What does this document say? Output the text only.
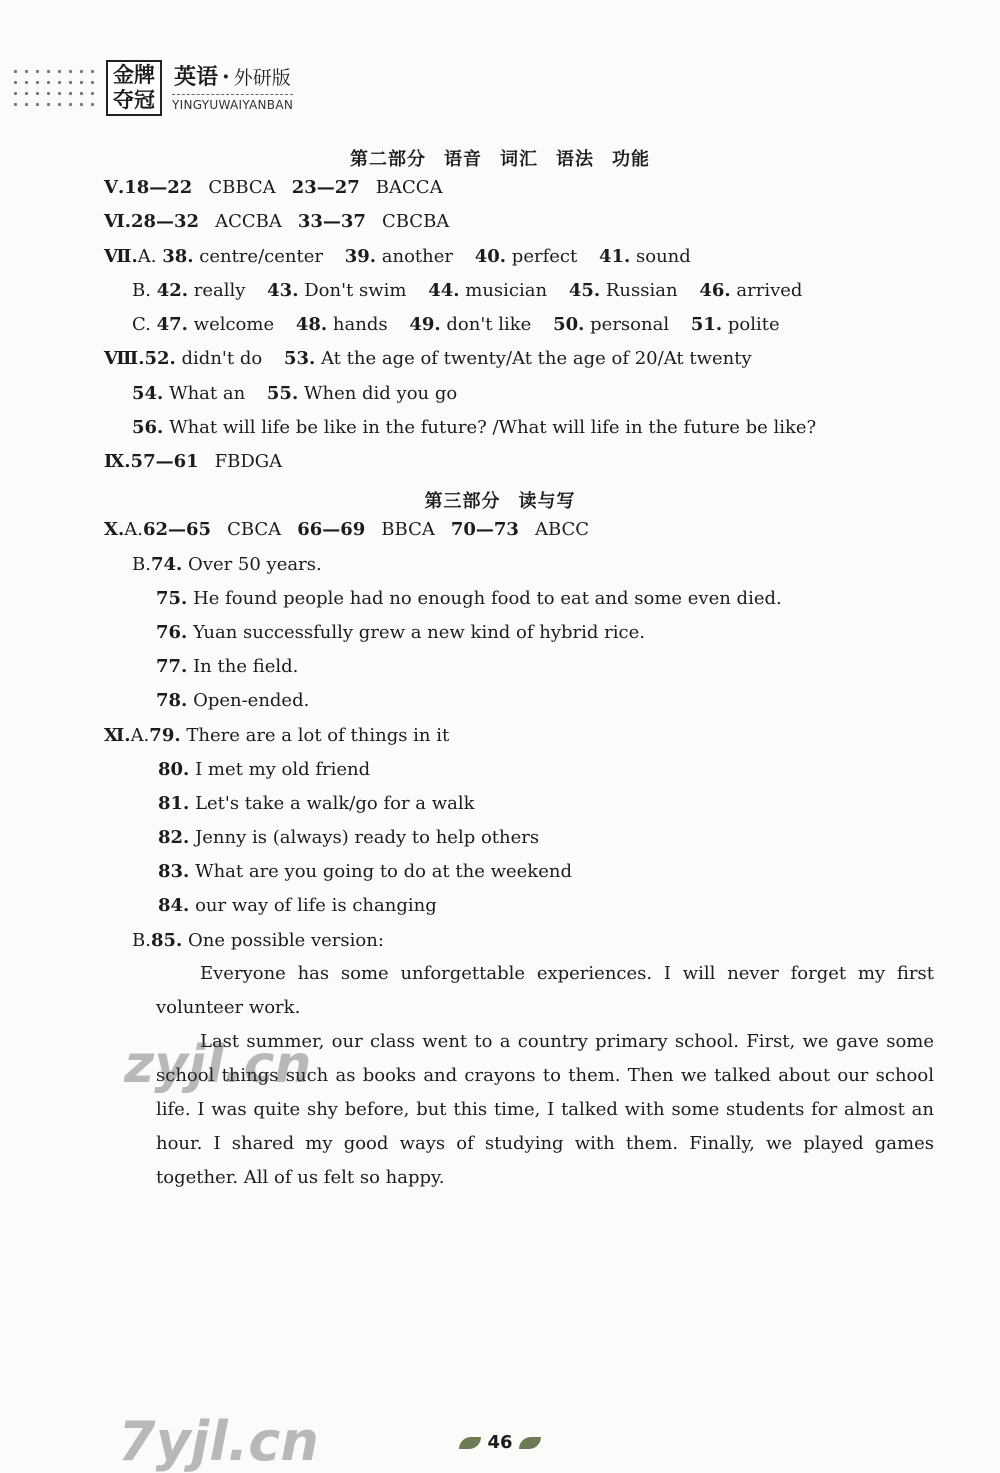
金牌
夺冠
英语 · 外研版
YINGYUWAIYANBAN
第二部分 语音 词汇 语法 功能
Ⅴ.18—22 CBBCA 23—27 BACCA
Ⅵ.28—32 ACCBA 33—37 CBCBA
Ⅶ.A. 38. centre/center 39. another 40. perfect 41. sound
B. 42. really 43. Don't swim 44. musician 45. Russian 46. arrived
C. 47. welcome 48. hands 49. don't like 50. personal 51. polite
Ⅷ.52. didn't do 53. At the age of twenty/At the age of 20/At twenty
54. What an 55. When did you go
56. What will life be like in the future? /What will life in the future be like?
Ⅸ.57—61 FBDGA
第三部分 读与写
Ⅹ.A.62—65 CBCA 66—69 BBCA 70—73 ABCC
B.74. Over 50 years.
75. He found people had no enough food to eat and some even died.
76. Yuan successfully grew a new kind of hybrid rice.
77. In the field.
78. Open-ended.
Ⅺ.A.79. There are a lot of things in it
80. I met my old friend
81. Let's take a walk/go for a walk
82. Jenny is (always) ready to help others
83. What are you going to do at the weekend
84. our way of life is changing
B.85. One possible version:

Everyone has some unforgettable experiences. I will never forget my first volunteer work.

Last summer, our class went to a country primary school. First, we gave some school things such as books and crayons to them. Then we talked about our school life. I was quite shy before, but this time, I talked with some students for almost an hour. I shared my good ways of studying with them. Finally, we played games together. All of us felt so happy.

zyjl.cn
7yjl.cn	46
